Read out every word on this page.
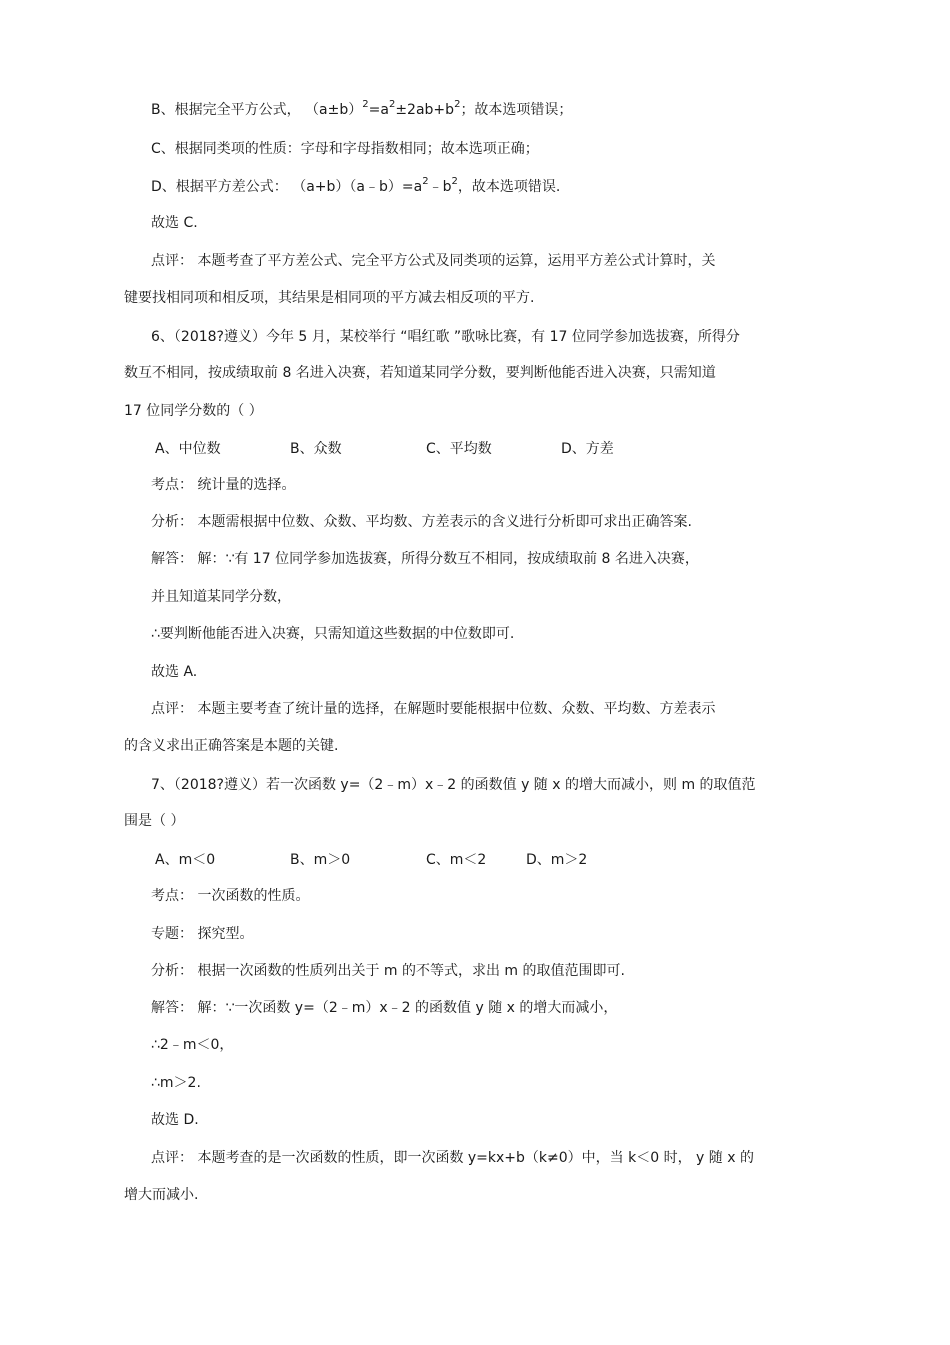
B、根据完全平方公式， $(a\pm b)^2=a^2\pm 2ab+b^2$；故本选项错误；
C、根据同类项的性质：字母和字母指数相同；故本选项正确；
D、根据平方差公式： $(a+b)(a﹣b)=a^2﹣b^2$，故本选项错误.
故选 C.
点评： 本题考查了平方差公式、完全平方公式及同类项的运算，运用平方差公式计算时，关
键要找相同项和相反项，其结果是相同项的平方减去相反项的平方.
6、（2018?遵义）今年 5 月，某校举行 “唱红歌 ”歌咏比赛，有 17 位同学参加选拔赛，所得分
数互不相同，按成绩取前 8 名进入决赛，若知道某同学分数，要判断他能否进入决赛，只需知道
17 位同学分数的（ ）
A、中位数	B、众数	C、平均数	D、方差
考点： 统计量的选择。
分析： 本题需根据中位数、众数、平均数、方差表示的含义进行分析即可求出正确答案.
解答： 解：∵有 17 位同学参加选拔赛，所得分数互不相同，按成绩取前 8 名进入决赛，
并且知道某同学分数，
∴要判断他能否进入决赛，只需知道这些数据的中位数即可.
故选 A.
点评： 本题主要考查了统计量的选择，在解题时要能根据中位数、众数、平均数、方差表示
的含义求出正确答案是本题的关键.
7、（2018?遵义）若一次函数 y=（2﹣m）x﹣2 的函数值 y 随 x 的增大而减小，则 m 的取值范
围是（ ）
A、m＜0	B、m＞0	C、m＜2	D、m＞2
考点： 一次函数的性质。
专题： 探究型。
分析： 根据一次函数的性质列出关于 m 的不等式，求出 m 的取值范围即可.
解答： 解：∵一次函数 y=（2﹣m）x﹣2 的函数值 y 随 x 的增大而减小，
∴2﹣m＜0，
∴m＞2.
故选 D.
点评： 本题考查的是一次函数的性质，即一次函数 y=kx+b（k≠0）中，当 k＜0 时， y 随 x 的
增大而减小.
